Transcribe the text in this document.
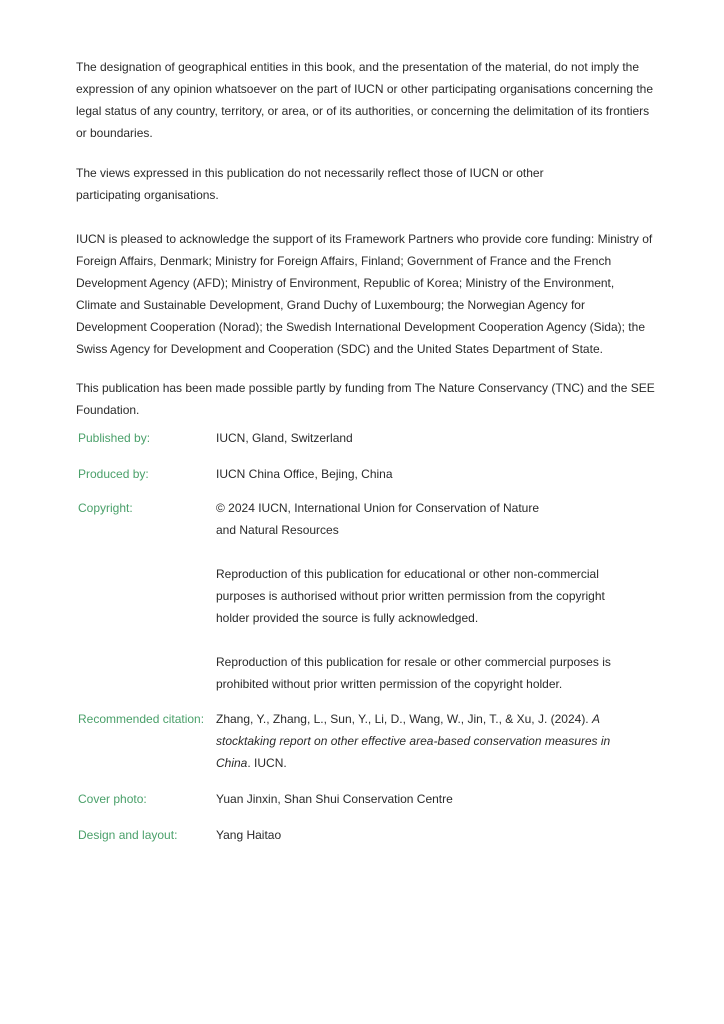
The designation of geographical entities in this book, and the presentation of the material, do not imply the expression of any opinion whatsoever on the part of IUCN or other participating organisations concerning the legal status of any country, territory, or area, or of its authorities, or concerning the delimitation of its frontiers or boundaries.

The views expressed in this publication do not necessarily reflect those of IUCN or other participating organisations.

IUCN is pleased to acknowledge the support of its Framework Partners who provide core funding: Ministry of Foreign Affairs, Denmark; Ministry for Foreign Affairs, Finland; Government of France and the French Development Agency (AFD); Ministry of Environment, Republic of Korea; Ministry of the Environment, Climate and Sustainable Development, Grand Duchy of Luxembourg; the Norwegian Agency for Development Cooperation (Norad); the Swedish International Development Cooperation Agency (Sida); the Swiss Agency for Development and Cooperation (SDC) and the United States Department of State.

This publication has been made possible partly by funding from The Nature Conservancy (TNC) and the SEE Foundation.

Published by:	IUCN, Gland, Switzerland
Produced by:	IUCN China Office, Bejing, China
Copyright:	© 2024 IUCN, International Union for Conservation of Nature and Natural Resources

Reproduction of this publication for educational or other non-commercial purposes is authorised without prior written permission from the copyright holder provided the source is fully acknowledged.

Reproduction of this publication for resale or other commercial purposes is prohibited without prior written permission of the copyright holder.

Recommended citation: Zhang, Y., Zhang, L., Sun, Y., Li, D., Wang, W., Jin, T., & Xu, J. (2024). A stocktaking report on other effective area-based conservation measures in China. IUCN.
Cover photo:	Yuan Jinxin, Shan Shui Conservation Centre
Design and layout:	Yang Haitao
